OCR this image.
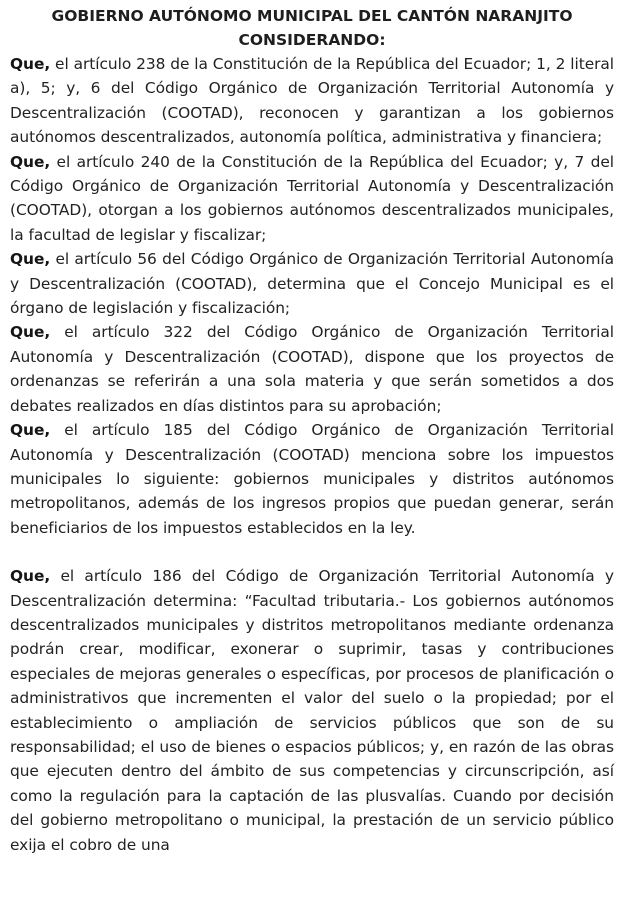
GOBIERNO AUTÓNOMO MUNICIPAL DEL CANTÓN NARANJITO
CONSIDERANDO:

Que, el artículo 238 de la Constitución de la República del Ecuador; 1, 2 literal a), 5; y, 6 del Código Orgánico de Organización Territorial Autonomía y Descentralización (COOTAD), reconocen y garantizan a los gobiernos autónomos descentralizados, autonomía política, administrativa y financiera;

Que, el artículo 240 de la Constitución de la República del Ecuador; y, 7 del Código Orgánico de Organización Territorial Autonomía y Descentralización (COOTAD), otorgan a los gobiernos autónomos descentralizados municipales, la facultad de legislar y fiscalizar;

Que, el artículo 56 del Código Orgánico de Organización Territorial Autonomía y Descentralización (COOTAD), determina que el Concejo Municipal es el órgano de legislación y fiscalización;

Que, el artículo 322 del Código Orgánico de Organización Territorial Autonomía y Descentralización (COOTAD), dispone que los proyectos de ordenanzas se referirán a una sola materia y que serán sometidos a dos debates realizados en días distintos para su aprobación;

Que, el artículo 185 del Código Orgánico de Organización Territorial Autonomía y Descentralización (COOTAD) menciona sobre los impuestos municipales lo siguiente: gobiernos municipales y distritos autónomos metropolitanos, además de los ingresos propios que puedan generar, serán beneficiarios de los impuestos establecidos en la ley.

Que, el artículo 186 del Código de Organización Territorial Autonomía y Descentralización determina: “Facultad tributaria.- Los gobiernos autónomos descentralizados municipales y distritos metropolitanos mediante ordenanza podrán crear, modificar, exonerar o suprimir, tasas y contribuciones especiales de mejoras generales o específicas, por procesos de planificación o administrativos que incrementen el valor del suelo o la propiedad; por el establecimiento o ampliación de servicios públicos que son de su responsabilidad; el uso de bienes o espacios públicos; y, en razón de las obras que ejecuten dentro del ámbito de sus competencias y circunscripción, así como la regulación para la captación de las plusvalías. Cuando por decisión del gobierno metropolitano o municipal, la prestación de un servicio público exija el cobro de una
